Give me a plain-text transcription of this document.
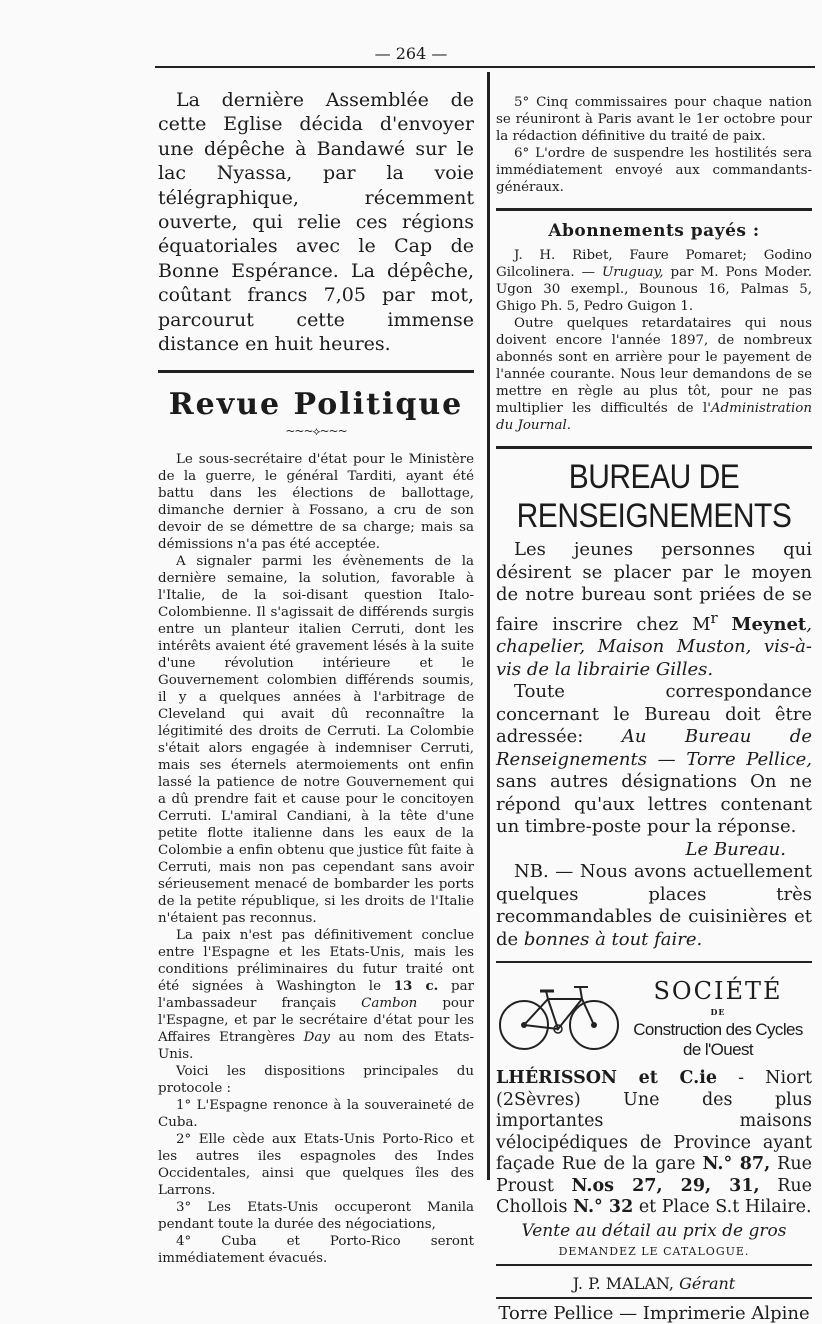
— 264 —

La dernière Assemblée de cette Eglise décida d'envoyer une dépêche à Bandawé sur le lac Nyassa, par la voie télégraphique, récemment ouverte, qui relie ces régions équatoriales avec le Cap de Bonne Espérance. La dépêche, coûtant francs 7,05 par mot, parcourut cette immense distance en huit heures.

Revue Politique
~~~⟡~~~

Le sous-secrétaire d'état pour le Ministère de la guerre, le général Tarditi, ayant été battu dans les élections de ballottage, dimanche dernier à Fossano, a cru de son devoir de se démettre de sa charge; mais sa démissions n'a pas été acceptée.

A signaler parmi les évènements de la dernière semaine, la solution, favorable à l'Italie, de la soi-disant question Italo-Colombienne. Il s'agissait de différends surgis entre un planteur italien Cerruti, dont les intérêts avaient été gravement lésés à la suite d'une révolution intérieure et le Gouvernement colombien différends soumis, il y a quelques années à l'arbitrage de Cleveland qui avait dû reconnaître la légitimité des droits de Cerruti. La Colombie s'était alors engagée à indemniser Cerruti, mais ses éternels atermoiements ont enfin lassé la patience de notre Gouvernement qui a dû prendre fait et cause pour le concitoyen Cerruti. L'amiral Candiani, à la tête d'une petite flotte italienne dans les eaux de la Colombie a enfin obtenu que justice fût faite à Cerruti, mais non pas cependant sans avoir sérieusement menacé de bombarder les ports de la petite république, si les droits de l'Italie n'étaient pas reconnus.

La paix n'est pas définitivement conclue entre l'Espagne et les Etats-Unis, mais les conditions préliminaires du futur traité ont été signées à Washington le 13 c. par l'ambassadeur français Cambon pour l'Espagne, et par le secrétaire d'état pour les Affaires Etrangères Day au nom des Etats-Unis.

Voici les dispositions principales du protocole :

1° L'Espagne renonce à la souveraineté de Cuba.

2° Elle cède aux Etats-Unis Porto-Rico et les autres iles espagnoles des Indes Occidentales, ainsi que quelques îles des Larrons.

3° Les Etats-Unis occuperont Manila pendant toute la durée des négociations,

4° Cuba et Porto-Rico seront immédiatement évacués.

5° Cinq commissaires pour chaque nation se réuniront à Paris avant le 1er octobre pour la rédaction définitive du traité de paix.

6° L'ordre de suspendre les hostilités sera immédiatement envoyé aux commandants-généraux.

Abonnements payés :

J. H. Ribet, Faure Pomaret; Godino Gilcolinera. — Uruguay, par M. Pons Moder. Ugon 30 exempl., Bounous 16, Palmas 5, Ghigo Ph. 5, Pedro Guigon 1.

Outre quelques retardataires qui nous doivent encore l'année 1897, de nombreux abonnés sont en arrière pour le payement de l'année courante. Nous leur demandons de se mettre en règle au plus tôt, pour ne pas multiplier les difficultés de l'Administration du Journal.

BUREAU DE RENSEIGNEMENTS

Les jeunes personnes qui désirent se placer par le moyen de notre bureau sont priées de se faire inscrire chez $M^r$ Meynet, chapelier, Maison Muston, vis-à-vis de la librairie Gilles.

Toute correspondance concernant le Bureau doit être adressée: Au Bureau de Renseignements — Torre Pellice, sans autres désignations On ne répond qu'aux lettres contenant un timbre-poste pour la réponse.

Le Bureau.

NB. — Nous avons actuellement quelques places très recommandables de cuisinières et de bonnes à tout faire.

SOCIÉTÉ
DE
Construction des Cycles de l'Ouest

LHÉRISSON et C.ie - Niort (2Sèvres) Une des plus importantes maisons vélocipédiques de Province ayant façade Rue de la gare N.° 87, Rue Proust N.os 27, 29, 31, Rue Chollois N.° 32 et Place S.t Hilaire.

Vente au détail au prix de gros
DEMANDEZ LE CATALOGUE.
J. P. MALAN, Gérant
Torre Pellice — Imprimerie Alpine
